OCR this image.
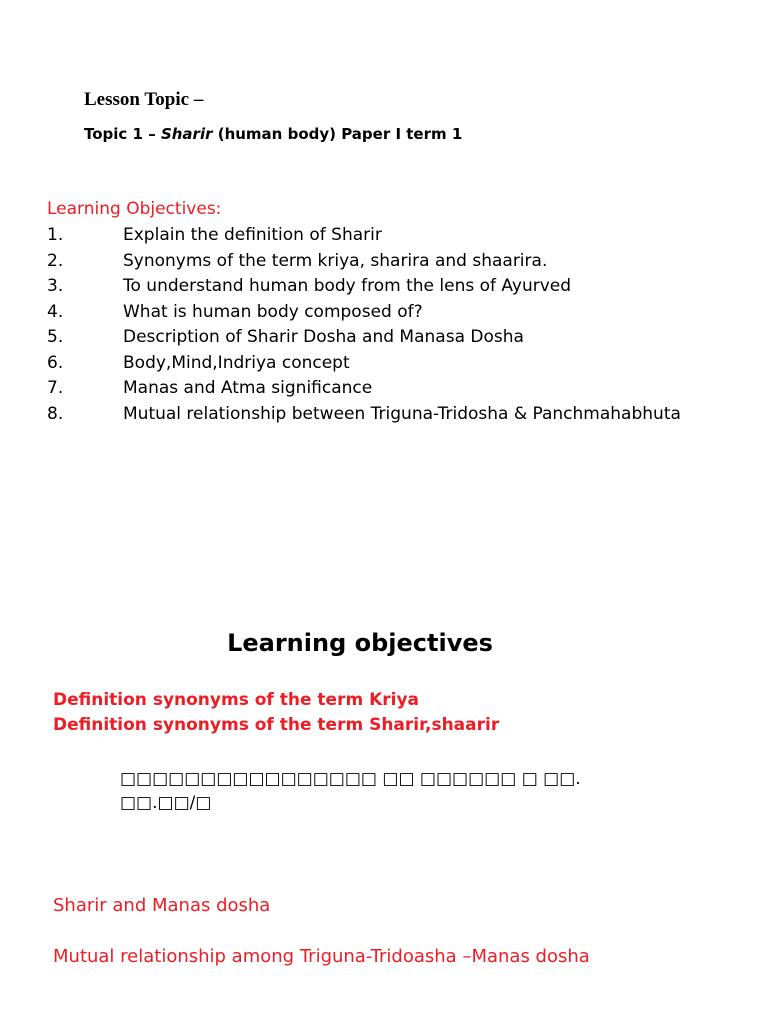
Lesson Topic –
Topic 1 – Sharir (human body) Paper I term 1
Learning Objectives:
1.	Explain the definition of Sharir
2.	Synonyms of the term kriya, sharira and shaarira.
3.	To understand human body from the lens of Ayurved
4.	What is human body composed of?
5.	Description of Sharir Dosha and Manasa Dosha
6.	Body,Mind,Indriya concept
7.	Manas and Atma significance
8.	Mutual relationship between Triguna-Tridosha & Panchmahabhuta
Learning objectives
Definition synonyms of the term Kriya
Definition synonyms of the term Sharir,shaarir
□□□□□□□□□□□□□□□□ □□ □□□□□□ □ □□.
□□.□□/□
Sharir and Manas dosha
Mutual relationship among Triguna-Tridoasha –Manas dosha
